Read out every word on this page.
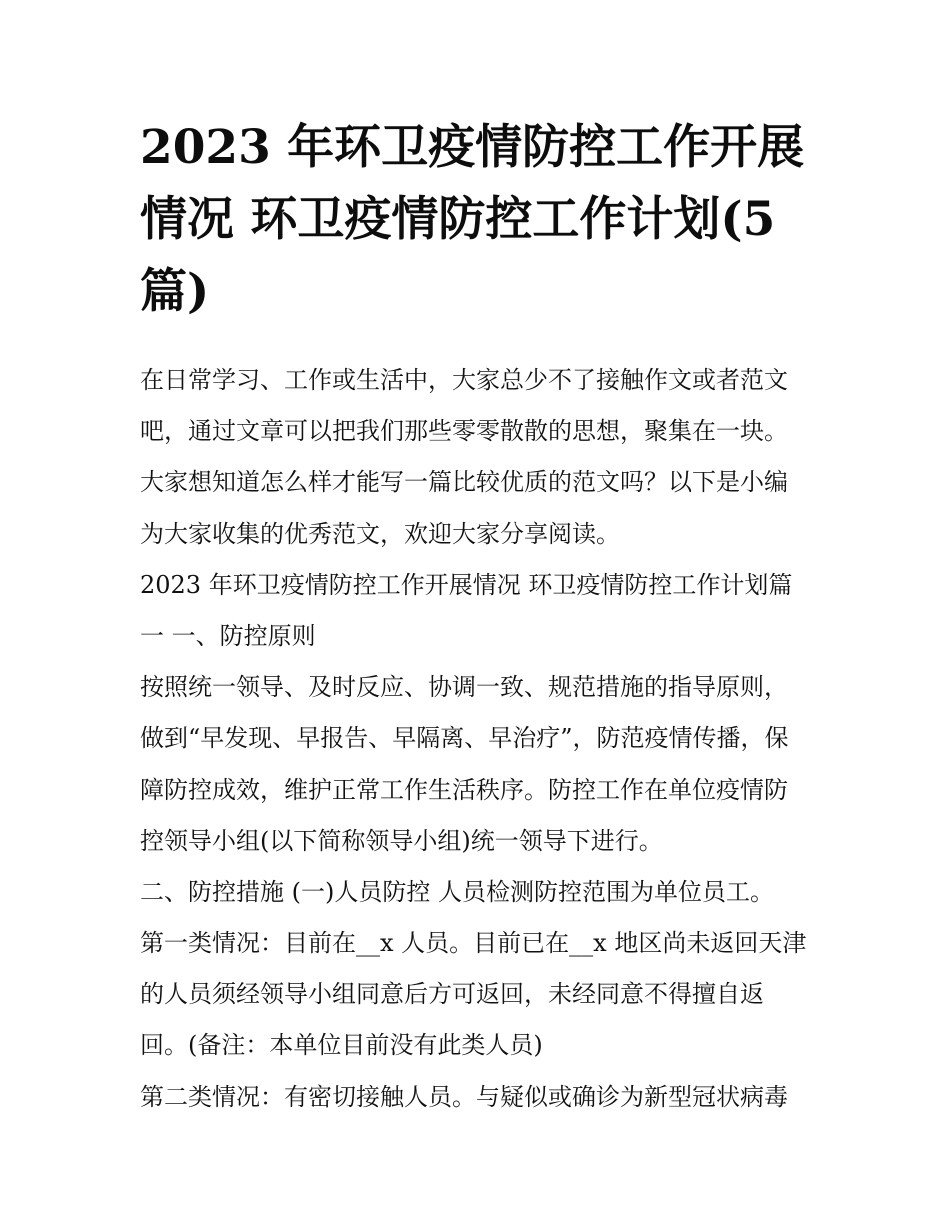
2023 年环卫疫情防控工作开展
情况 环卫疫情防控工作计划(5
篇)
在日常学习、工作或生活中，大家总少不了接触作文或者范文
吧，通过文章可以把我们那些零零散散的思想，聚集在一块。
大家想知道怎么样才能写一篇比较优质的范文吗？以下是小编
为大家收集的优秀范文，欢迎大家分享阅读。
2023 年环卫疫情防控工作开展情况 环卫疫情防控工作计划篇
一 一、防控原则
按照统一领导、及时反应、协调一致、规范措施的指导原则，
做到“早发现、早报告、早隔离、早治疗”，防范疫情传播，保
障防控成效，维护正常工作生活秩序。防控工作在单位疫情防
控领导小组(以下简称领导小组)统一领导下进行。
二、防控措施 (一)人员防控 人员检测防控范围为单位员工。
第一类情况：目前在__x 人员。目前已在__x 地区尚未返回天津
的人员须经领导小组同意后方可返回，未经同意不得擅自返
回。(备注：本单位目前没有此类人员)
第二类情况：有密切接触人员。与疑似或确诊为新型冠状病毒
